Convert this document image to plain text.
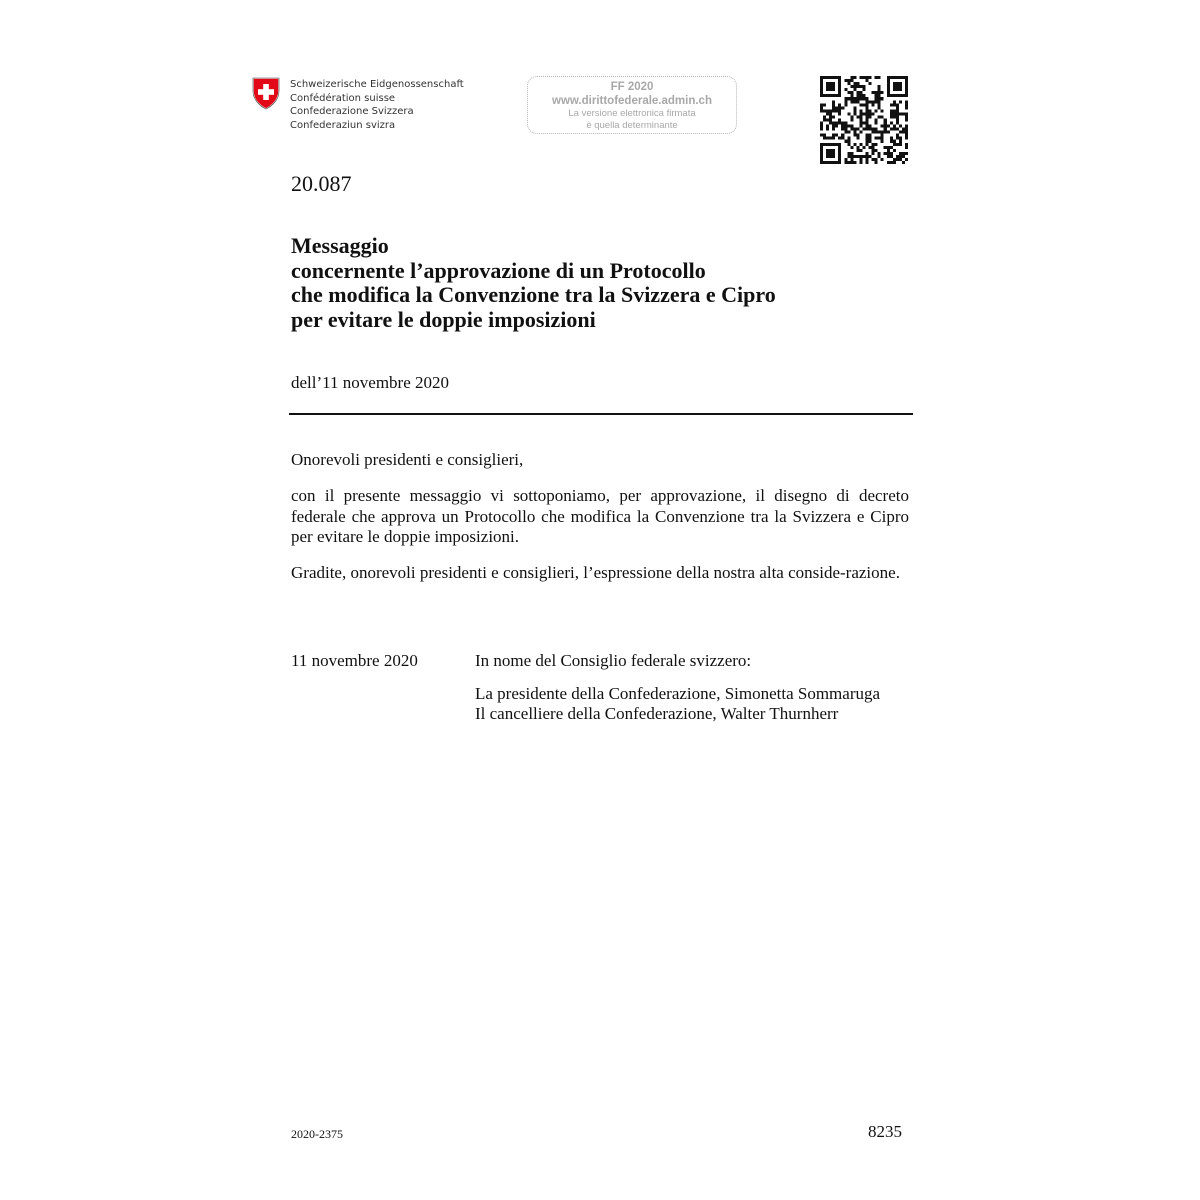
Schweizerische Eidgenossenschaft
Confédération suisse
Confederazione Svizzera
Confederaziun svizra
FF 2020
www.dirittofederale.admin.ch
La versione elettronica firmata
è quella determinante
20.087
Messaggio
concernente l’approvazione di un Protocollo
che modifica la Convenzione tra la Svizzera e Cipro
per evitare le doppie imposizioni
dell’11 novembre 2020
Onorevoli presidenti e consiglieri,
con il presente messaggio vi sottoponiamo, per approvazione, il disegno di decreto federale che approva un Protocollo che modifica la Convenzione tra la Svizzera e Cipro per evitare le doppie imposizioni.
Gradite, onorevoli presidenti e consiglieri, l’espressione della nostra alta conside-razione.
11 novembre 2020	In nome del Consiglio federale svizzero:
La presidente della Confederazione, Simonetta Sommaruga
Il cancelliere della Confederazione, Walter Thurnherr
2020-2375	8235
